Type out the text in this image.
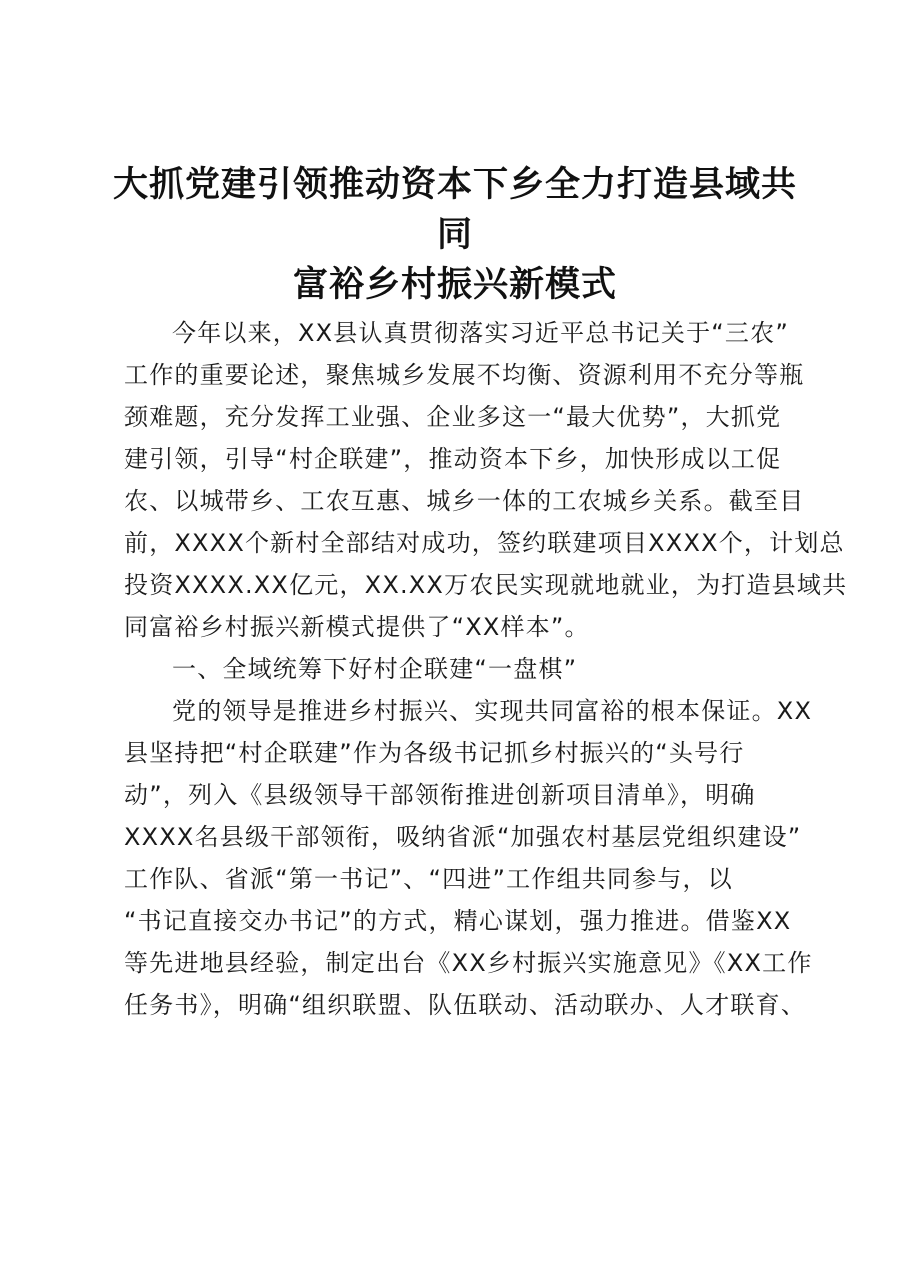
大抓党建引领推动资本下乡全力打造县域共同
富裕乡村振兴新模式
今年以来，XX县认真贯彻落实习近平总书记关于“三农”
工作的重要论述，聚焦城乡发展不均衡、资源利用不充分等瓶
颈难题，充分发挥工业强、企业多这一“最大优势”，大抓党
建引领，引导“村企联建”，推动资本下乡，加快形成以工促
农、以城带乡、工农互惠、城乡一体的工农城乡关系。截至目
前，XXXX个新村全部结对成功，签约联建项目XXXX个，计划总
投资XXXX.XX亿元，XX.XX万农民实现就地就业，为打造县域共
同富裕乡村振兴新模式提供了“XX样本”。
一、全域统筹下好村企联建“一盘棋”
党的领导是推进乡村振兴、实现共同富裕的根本保证。XX
县坚持把“村企联建”作为各级书记抓乡村振兴的“头号行
动”，列入《县级领导干部领衔推进创新项目清单》，明确
XXXX名县级干部领衔，吸纳省派“加强农村基层党组织建设”
工作队、省派“第一书记”、“四进”工作组共同参与，以
“书记直接交办书记”的方式，精心谋划，强力推进。借鉴XX
等先进地县经验，制定出台《XX乡村振兴实施意见》《XX工作
任务书》，明确“组织联盟、队伍联动、活动联办、人才联育、
